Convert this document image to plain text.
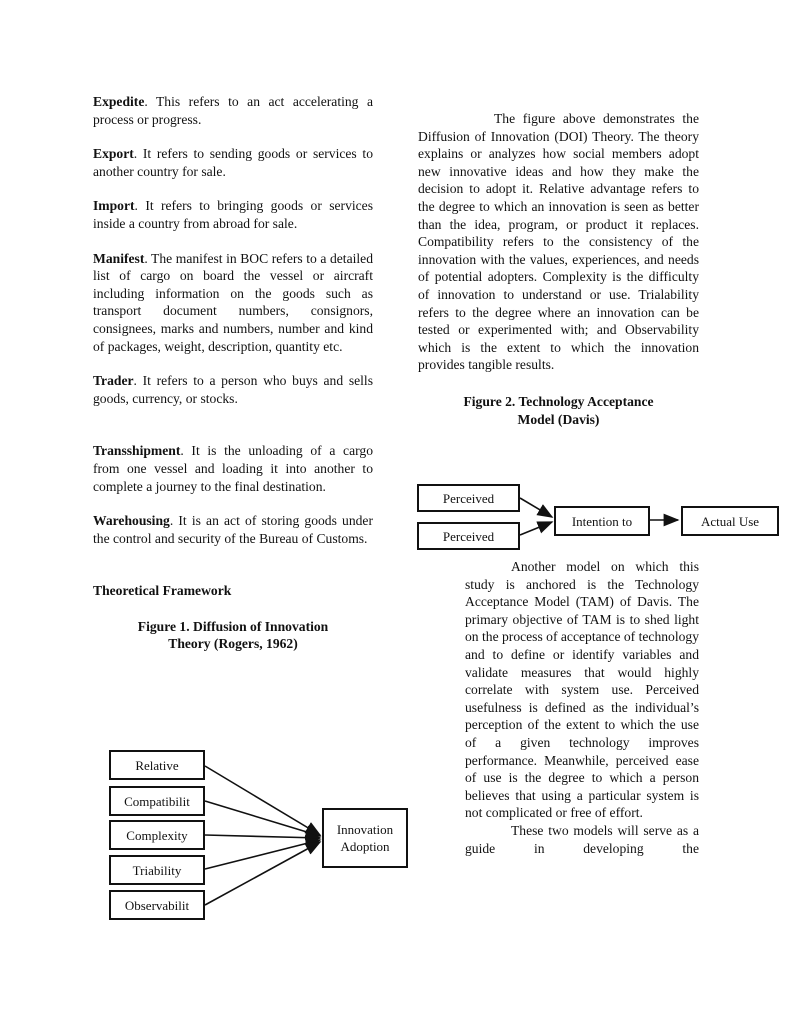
Expedite. This refers to an act accelerating a process or progress.

Export. It refers to sending goods or services to another country for sale.

Import. It refers to bringing goods or services inside a country from abroad for sale.

Manifest. The manifest in BOC refers to a detailed list of cargo on board the vessel or aircraft including information on the goods such as transport document numbers, consignors, consignees, marks and numbers, number and kind of packages, weight, description, quantity etc.

Trader. It refers to a person who buys and sells goods, currency, or stocks.

Transshipment. It is the unloading of a cargo from one vessel and loading it into another to complete a journey to the final destination.

Warehousing. It is an act of storing goods under the control and security of the Bureau of Customs.

Theoretical Framework

Figure 1. Diffusion of Innovation

Theory (Rogers, 1962)

Relative
Compatibilit
Complexity
Triability
Observabilit
Innovation Adoption

The figure above demonstrates the Diffusion of Innovation (DOI) Theory. The theory explains or analyzes how social members adopt new innovative ideas and how they make the decision to adopt it. Relative advantage refers to the degree to which an innovation is seen as better than the idea, program, or product it replaces. Compatibility refers to the consistency of the innovation with the values, experiences, and needs of potential adopters. Complexity is the difficulty of innovation to understand or use. Trialability refers to the degree where an innovation can be tested or experimented with; and Observability which is the extent to which the innovation provides tangible results.

Figure 2. Technology Acceptance

Model (Davis)

Perceived
Perceived
Intention to	Actual Use

Another model on which this study is anchored is the Technology Acceptance Model (TAM) of Davis. The primary objective of TAM is to shed light on the process of acceptance of technology and to define or identify variables and validate measures that would highly correlate with system use. Perceived usefulness is defined as the individual’s perception of the extent to which the use of a given technology improves performance. Meanwhile, perceived ease of use is the degree to which a person believes that using a particular system is not complicated or free of effort.

These two models will serve as a guide in developing the
